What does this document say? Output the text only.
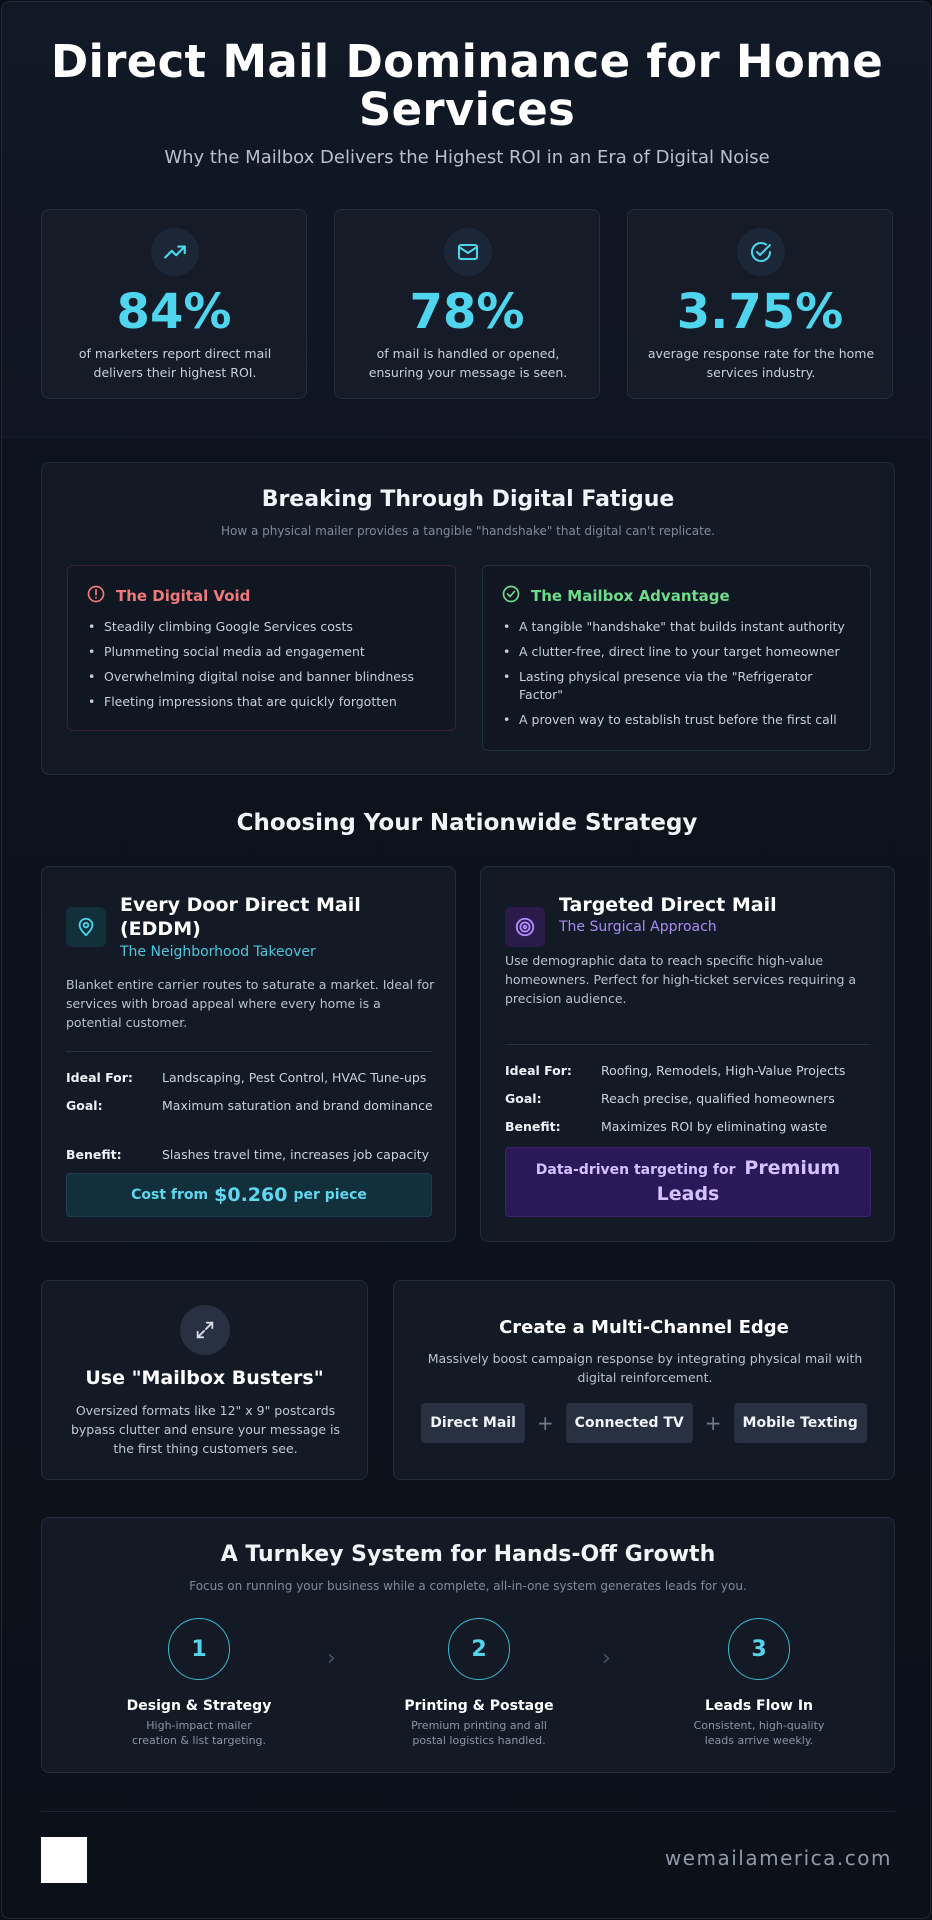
Direct Mail Dominance for Home Services
Why the Mailbox Delivers the Highest ROI in an Era of Digital Noise
84%
of marketers report direct mail delivers their highest ROI.
78%
of mail is handled or opened, ensuring your message is seen.
3.75%
average response rate for the home services industry.
Breaking Through Digital Fatigue
How a physical mailer provides a tangible "handshake" that digital can't replicate.
The Digital Void
• Steadily climbing Google Services costs
• Plummeting social media ad engagement
• Overwhelming digital noise and banner blindness
• Fleeting impressions that are quickly forgotten
The Mailbox Advantage
• A tangible "handshake" that builds instant authority
• A clutter-free, direct line to your target homeowner
• Lasting physical presence via the "Refrigerator Factor"
• A proven way to establish trust before the first call
Choosing Your Nationwide Strategy
Every Door Direct Mail (EDDM)
The Neighborhood Takeover
Blanket entire carrier routes to saturate a market. Ideal for services with broad appeal where every home is a potential customer.
Ideal For:	Landscaping, Pest Control, HVAC Tune-ups
Goal:	Maximum saturation and brand dominance
Benefit:	Slashes travel time, increases job capacity
Cost from $0.260 per piece
Targeted Direct Mail
The Surgical Approach
Use demographic data to reach specific high-value homeowners. Perfect for high-ticket services requiring a precision audience.
Ideal For:	Roofing, Remodels, High-Value Projects
Goal:	Reach precise, qualified homeowners
Benefit:	Maximizes ROI by eliminating waste
Data-driven targeting for Premium Leads
Use "Mailbox Busters"
Oversized formats like 12" x 9" postcards bypass clutter and ensure your message is the first thing customers see.
Create a Multi-Channel Edge
Massively boost campaign response by integrating physical mail with digital reinforcement.
Direct Mail	+	Connected TV	+	Mobile Texting
A Turnkey System for Hands-Off Growth
Focus on running your business while a complete, all-in-one system generates leads for you.
1
Design & Strategy
High-impact mailer creation & list targeting.
›	2
Printing & Postage
Premium printing and all postal logistics handled.
›	3
Leads Flow In
Consistent, high-quality leads arrive weekly.
wemailamerica.com
